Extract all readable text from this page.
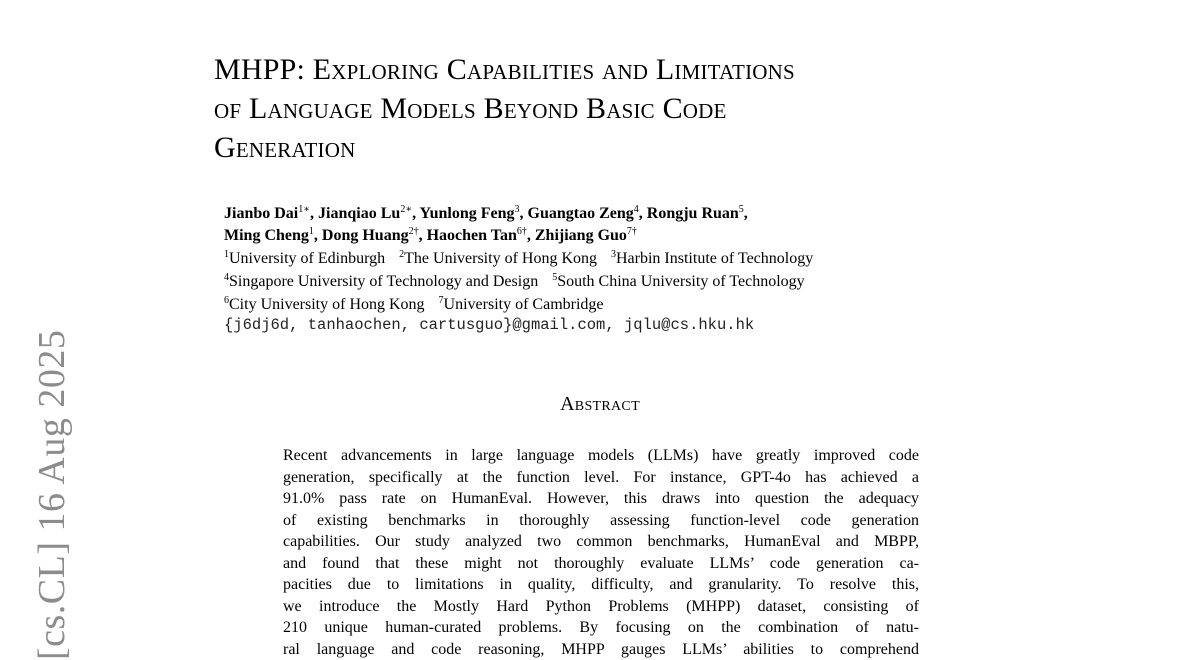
MHPP: Exploring Capabilities and Limitations
of Language Models Beyond Basic Code
Generation
Jianbo Dai$^{1∗}$, Jianqiao $Lu^{2∗}$, Yunlong Feng$^3$, Guangtao Zeng$^4$, Rongju Ruan$^5$,
Ming Cheng$^1$, Dong Huang$^{2\dagger}$, Haochen Tan$^{6\dagger}$, Zhijiang Guo$^{7\dagger}$
$^1$University of Edinburgh $^2$The University of Hong Kong $^3$Harbin Institute of Technology
$^4$Singapore University of Technology and Design $^5$South China University of Technology
$^6$City University of Hong Kong $^7$University of Cambridge
{j6dj6d, tanhaochen, cartusguo}@gmail.com, jqlu@cs.hku.hk
Abstract
Recent advancements in large language models (LLMs) have greatly improved code
generation, specifically at the function level. For instance, GPT-4o has achieved a
91.0% pass rate on HumanEval. However, this draws into question the adequacy
of existing benchmarks in thoroughly assessing function-level code generation
capabilities. Our study analyzed two common benchmarks, HumanEval and MBPP,
and found that these might not thoroughly evaluate LLMs’ code generation ca-
pacities due to limitations in quality, difficulty, and granularity. To resolve this,
we introduce the Mostly Hard Python Problems (MHPP) dataset, consisting of
210 unique human-curated problems. By focusing on the combination of natu-
ral language and code reasoning, MHPP gauges LLMs’ abilities to comprehend
[cs.CL] 16 Aug 2025
